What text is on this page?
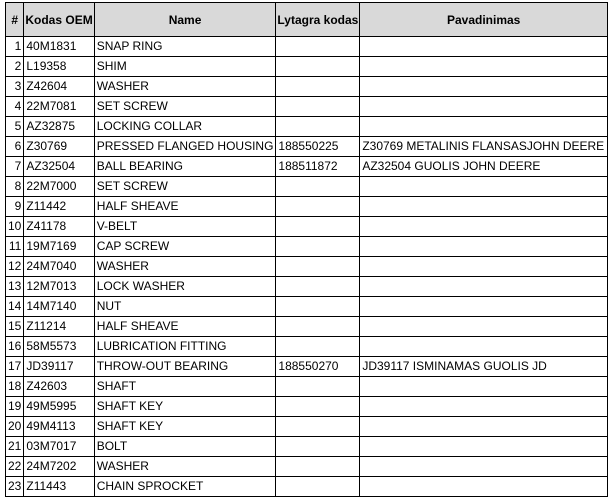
#	Kodas OEM	Name	Lytagra kodas	Pavadinimas
1	40M1831	SNAP RING		
2	L19358	SHIM		
3	Z42604	WASHER		
4	22M7081	SET SCREW		
5	AZ32875	LOCKING COLLAR		
6	Z30769	PRESSED FLANGED HOUSING	188550225	Z30769 METALINIS FLANSASJOHN DEERE
7	AZ32504	BALL BEARING	188511872	AZ32504 GUOLIS JOHN DEERE
8	22M7000	SET SCREW		
9	Z11442	HALF SHEAVE		
10	Z41178	V-BELT		
11	19M7169	CAP SCREW		
12	24M7040	WASHER		
13	12M7013	LOCK WASHER		
14	14M7140	NUT		
15	Z11214	HALF SHEAVE		
16	58M5573	LUBRICATION FITTING		
17	JD39117	THROW-OUT BEARING	188550270	JD39117 ISMINAMAS GUOLIS JD
18	Z42603	SHAFT		
19	49M5995	SHAFT KEY		
20	49M4113	SHAFT KEY		
21	03M7017	BOLT		
22	24M7202	WASHER		
23	Z11443	CHAIN SPROCKET		
